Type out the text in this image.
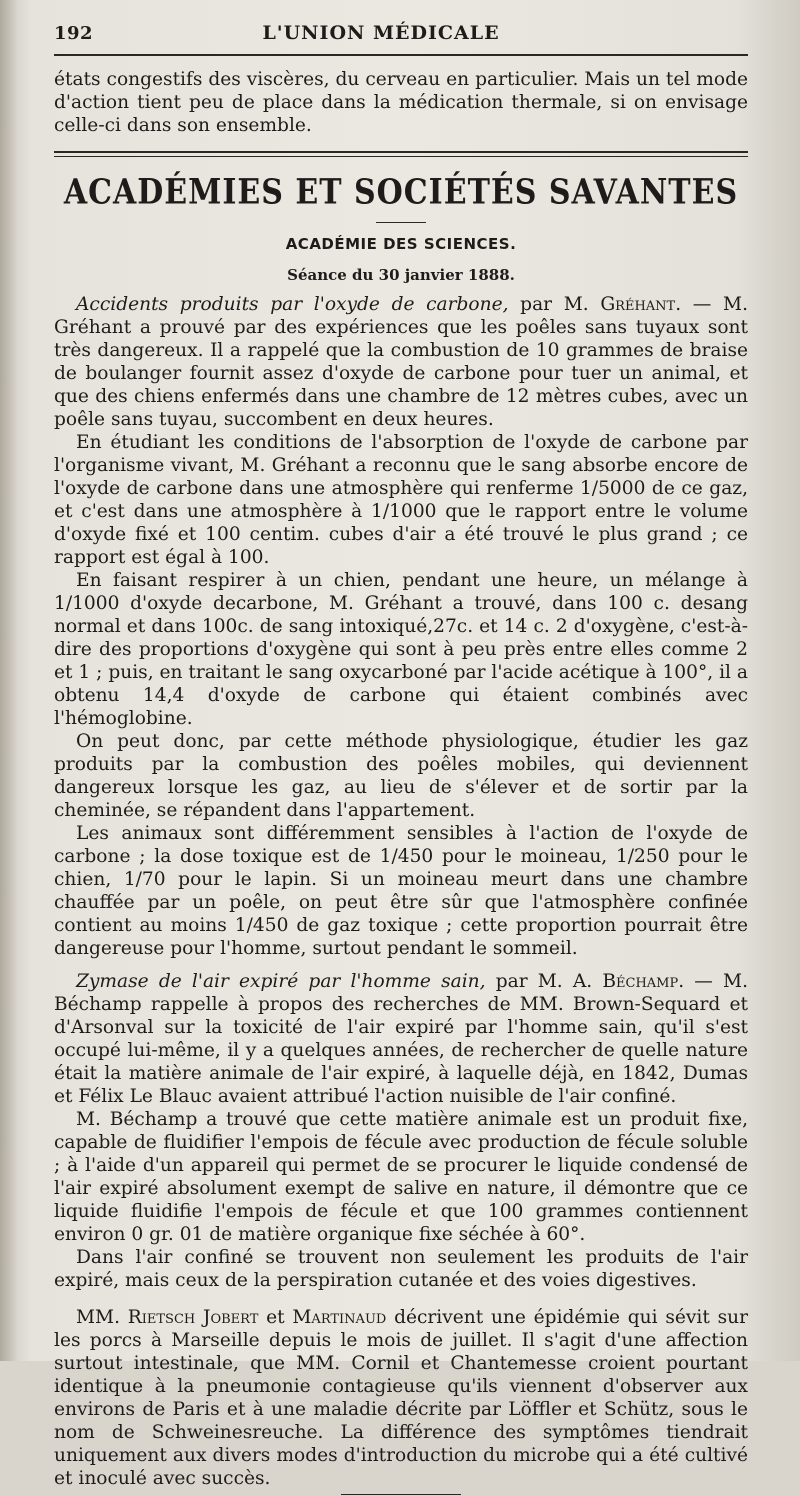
192	L'UNION MÉDICALE

états congestifs des viscères, du cerveau en particulier. Mais un tel mode d'action tient peu de place dans la médication thermale, si on envisage celle-ci dans son ensemble.

ACADÉMIES ET SOCIÉTÉS SAVANTES
ACADÉMIE DES SCIENCES.
Séance du 30 janvier 1888.

Accidents produits par l'oxyde de carbone, par M. Gréhant. — M. Gréhant a prouvé par des expériences que les poêles sans tuyaux sont très dangereux. Il a rappelé que la combustion de 10 grammes de braise de boulanger fournit assez d'oxyde de carbone pour tuer un animal, et que des chiens enfermés dans une chambre de 12 mètres cubes, avec un poêle sans tuyau, succombent en deux heures.

En étudiant les conditions de l'absorption de l'oxyde de carbone par l'organisme vivant, M. Gréhant a reconnu que le sang absorbe encore de l'oxyde de carbone dans une atmosphère qui renferme 1/5000 de ce gaz, et c'est dans une atmosphère à 1/1000 que le rapport entre le volume d'oxyde fixé et 100 centim. cubes d'air a été trouvé le plus grand ; ce rapport est égal à 100.

En faisant respirer à un chien, pendant une heure, un mélange à 1/1000 d'oxyde decarbone, M. Gréhant a trouvé, dans 100 c. desang normal et dans 100c. de sang intoxiqué,27c. et 14 c. 2 d'oxygène, c'est-à-dire des proportions d'oxygène qui sont à peu près entre elles comme 2 et 1 ; puis, en traitant le sang oxycarboné par l'acide acétique à 100°, il a obtenu 14,4 d'oxyde de carbone qui étaient combinés avec l'hémoglobine.

On peut donc, par cette méthode physiologique, étudier les gaz produits par la combustion des poêles mobiles, qui deviennent dangereux lorsque les gaz, au lieu de s'élever et de sortir par la cheminée, se répandent dans l'appartement.

Les animaux sont différemment sensibles à l'action de l'oxyde de carbone ; la dose toxique est de 1/450 pour le moineau, 1/250 pour le chien, 1/70 pour le lapin. Si un moineau meurt dans une chambre chauffée par un poêle, on peut être sûr que l'atmosphère confinée contient au moins 1/450 de gaz toxique ; cette proportion pourrait être dangereuse pour l'homme, surtout pendant le sommeil.

Zymase de l'air expiré par l'homme sain, par M. A. Béchamp. — M. Béchamp rappelle à propos des recherches de MM. Brown-Sequard et d'Arsonval sur la toxicité de l'air expiré par l'homme sain, qu'il s'est occupé lui-même, il y a quelques années, de rechercher de quelle nature était la matière animale de l'air expiré, à laquelle déjà, en 1842, Dumas et Félix Le Blauc avaient attribué l'action nuisible de l'air confiné.

M. Béchamp a trouvé que cette matière animale est un produit fixe, capable de fluidifier l'empois de fécule avec production de fécule soluble ; à l'aide d'un appareil qui permet de se procurer le liquide condensé de l'air expiré absolument exempt de salive en nature, il démontre que ce liquide fluidifie l'empois de fécule et que 100 grammes contiennent environ 0 gr. 01 de matière organique fixe séchée à 60°.

Dans l'air confiné se trouvent non seulement les produits de l'air expiré, mais ceux de la perspiration cutanée et des voies digestives.

MM. Rietsch Jobert et Martinaud décrivent une épidémie qui sévit sur les porcs à Marseille depuis le mois de juillet. Il s'agit d'une affection surtout intestinale, que MM. Cornil et Chantemesse croient pourtant identique à la pneumonie contagieuse qu'ils viennent d'observer aux environs de Paris et à une maladie décrite par Löffler et Schütz, sous le nom de Schweinesreuche. La différence des symptômes tiendrait uniquement aux divers modes d'introduction du microbe qui a été cultivé et inoculé avec succès.
